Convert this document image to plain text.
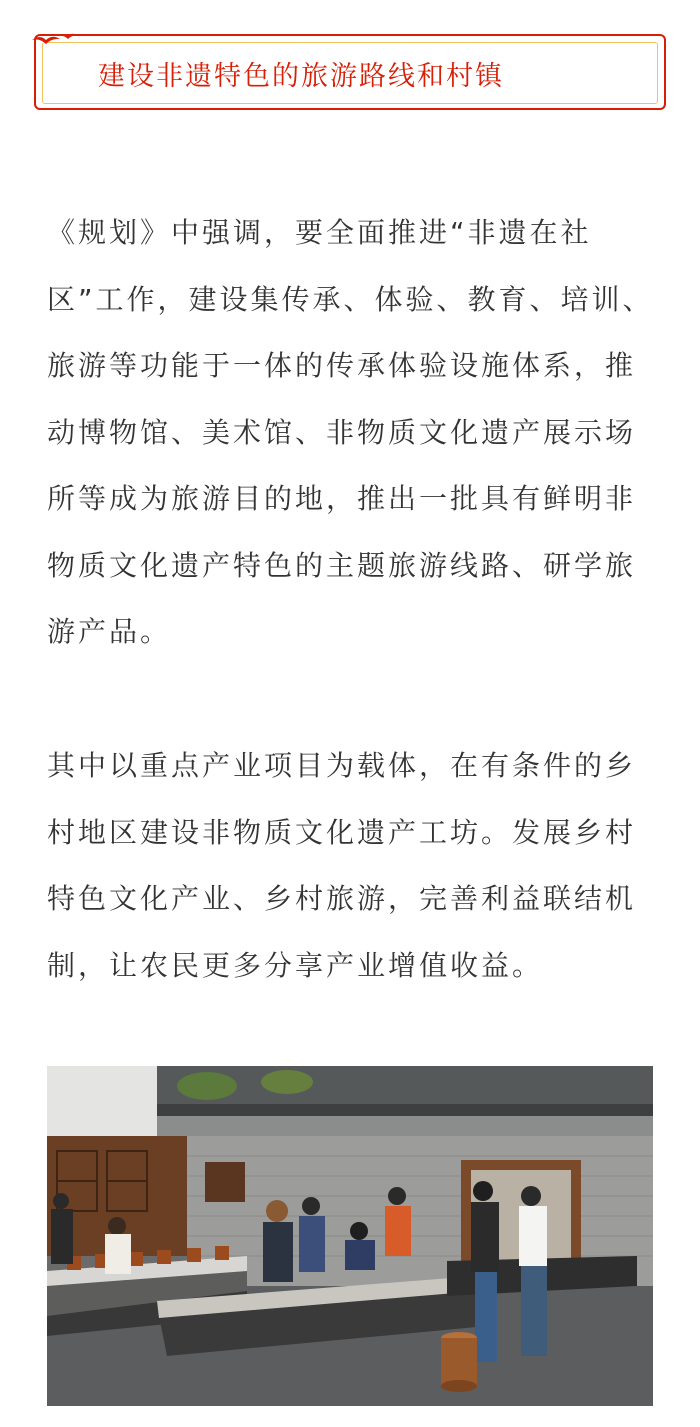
建设非遗特色的旅游路线和村镇

《规划》中强调，要全面推进“非遗在社区”工作，建设集传承、体验、教育、培训、旅游等功能于一体的传承体验设施体系，推动博物馆、美术馆、非物质文化遗产展示场所等成为旅游目的地，推出一批具有鲜明非物质文化遗产特色的主题旅游线路、研学旅游产品。

其中以重点产业项目为载体，在有条件的乡村地区建设非物质文化遗产工坊。发展乡村特色文化产业、乡村旅游，完善利益联结机制，让农民更多分享产业增值收益。
